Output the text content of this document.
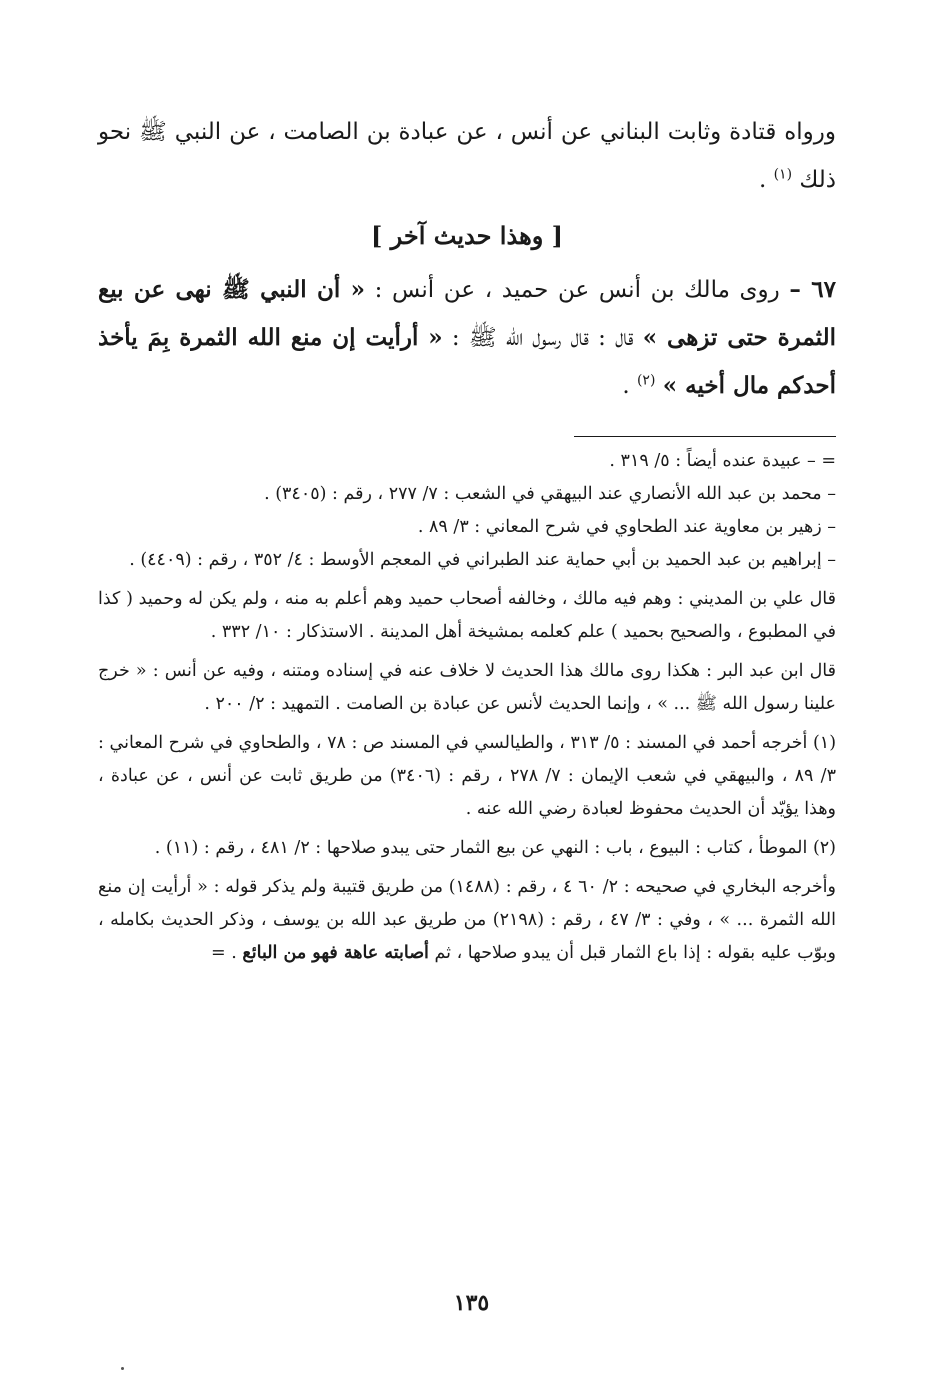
ورواه قتادة وثابت البناني عن أنس ، عن عبادة بن الصامت ، عن النبي ﷺ نحو ذلك $^{(١)}$ .

[ وهذا حديث آخر ]

٦٧ – روى مالك بن أنس عن حميد ، عن أنس : « أن النبي ﷺ نهى عن بيع الثمرة حتى تزهى » قال : قال رسول الله ﷺ : « أرأيت إن منع الله الثمرة بِمَ يأخذ أحدكم مال أخيه » $^{(٢)}$ .

= – عبيدة عنده أيضاً : ٥/ ٣١٩ .

– محمد بن عبد الله الأنصاري عند البيهقي في الشعب : ٧/ ٢٧٧ ، رقم : (٣٤٠٥) .

– زهير بن معاوية عند الطحاوي في شرح المعاني : ٣/ ٨٩ .

– إبراهيم بن عبد الحميد بن أبي حماية عند الطبراني في المعجم الأوسط : ٤/ ٣٥٢ ، رقم : (٤٤٠٩) .

قال علي بن المديني : وهم فيه مالك ، وخالفه أصحاب حميد وهم أعلم به منه ، ولم يكن له وحميد ( كذا في المطبوع ، والصحيح بحميد ) علم كعلمه بمشيخة أهل المدينة . الاستذكار : ١٠/ ٣٣٢ .

قال ابن عبد البر : هكذا روى مالك هذا الحديث لا خلاف عنه في إسناده ومتنه ، وفيه عن أنس : « خرج علينا رسول الله ﷺ ... » ، وإنما الحديث لأنس عن عبادة بن الصامت . التمهيد : ٢/ ٢٠٠ .

(١) أخرجه أحمد في المسند : ٥/ ٣١٣ ، والطيالسي في المسند ص : ٧٨ ، والطحاوي في شرح المعاني : ٣/ ٨٩ ، والبيهقي في شعب الإيمان : ٧/ ٢٧٨ ، رقم : (٣٤٠٦) من طريق ثابت عن أنس ، عن عبادة ، وهذا يؤيّد أن الحديث محفوظ لعبادة رضي الله عنه .

(٢) الموطأ ، كتاب : البيوع ، باب : النهي عن بيع الثمار حتى يبدو صلاحها : ٢/ ٤٨١ ، رقم : (١١) .

وأخرجه البخاري في صحيحه : ٢/ ٦٠ ٤ ، رقم : (١٤٨٨) من طريق قتيبة ولم يذكر قوله : « أرأيت إن منع الله الثمرة ... » ، وفي : ٣/ ٤٧ ، رقم : (٢١٩٨) من طريق عبد الله بن يوسف ، وذكر الحديث بكامله ، وبوّب عليه بقوله : إذا باع الثمار قبل أن يبدو صلاحها ، ثم أصابته عاهة فهو من البائع . =

١٣٥
